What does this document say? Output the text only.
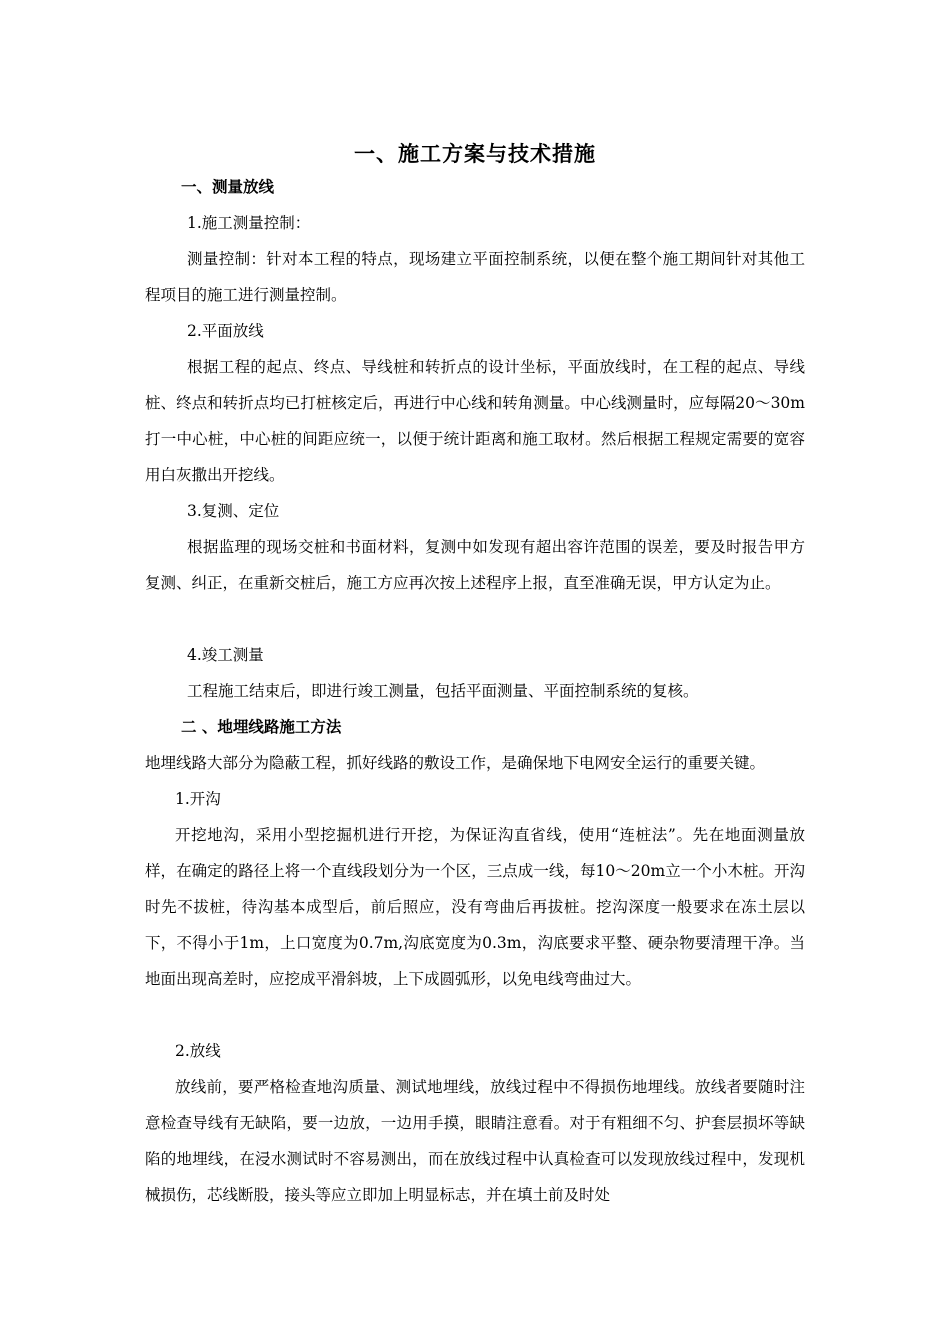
一、施工方案与技术措施

一、测量放线

1.施工测量控制：

测量控制：针对本工程的特点，现场建立平面控制系统，以便在整个施工期间针对其他工程项目的施工进行测量控制。

2.平面放线

根据工程的起点、终点、导线桩和转折点的设计坐标，平面放线时，在工程的起点、导线桩、终点和转折点均已打桩核定后，再进行中心线和转角测量。中心线测量时，应每隔20～30m打一中心桩，中心桩的间距应统一，以便于统计距离和施工取材。然后根据工程规定需要的宽容用白灰撒出开挖线。

3.复测、定位

根据监理的现场交桩和书面材料，复测中如发现有超出容许范围的误差，要及时报告甲方复测、纠正，在重新交桩后，施工方应再次按上述程序上报，直至准确无误，甲方认定为止。

4.竣工测量

工程施工结束后，即进行竣工测量，包括平面测量、平面控制系统的复核。

二 、地埋线路施工方法

地埋线路大部分为隐蔽工程，抓好线路的敷设工作，是确保地下电网安全运行的重要关键。

1.开沟

开挖地沟，采用小型挖掘机进行开挖，为保证沟直省线，使用“连桩法”。先在地面测量放样，在确定的路径上将一个直线段划分为一个区，三点成一线，每10～20m立一个小木桩。开沟时先不拔桩，待沟基本成型后，前后照应，没有弯曲后再拔桩。挖沟深度一般要求在冻土层以下，不得小于1m，上口宽度为0.7m,沟底宽度为0.3m，沟底要求平整、硬杂物要清理干净。当地面出现高差时，应挖成平滑斜坡，上下成圆弧形，以免电线弯曲过大。

2.放线

放线前，要严格检查地沟质量、测试地埋线，放线过程中不得损伤地埋线。放线者要随时注意检查导线有无缺陷，要一边放，一边用手摸，眼睛注意看。对于有粗细不匀、护套层损坏等缺陷的地埋线，在浸水测试时不容易测出，而在放线过程中认真检查可以发现放线过程中，发现机械损伤，芯线断股，接头等应立即加上明显标志，并在填土前及时处
